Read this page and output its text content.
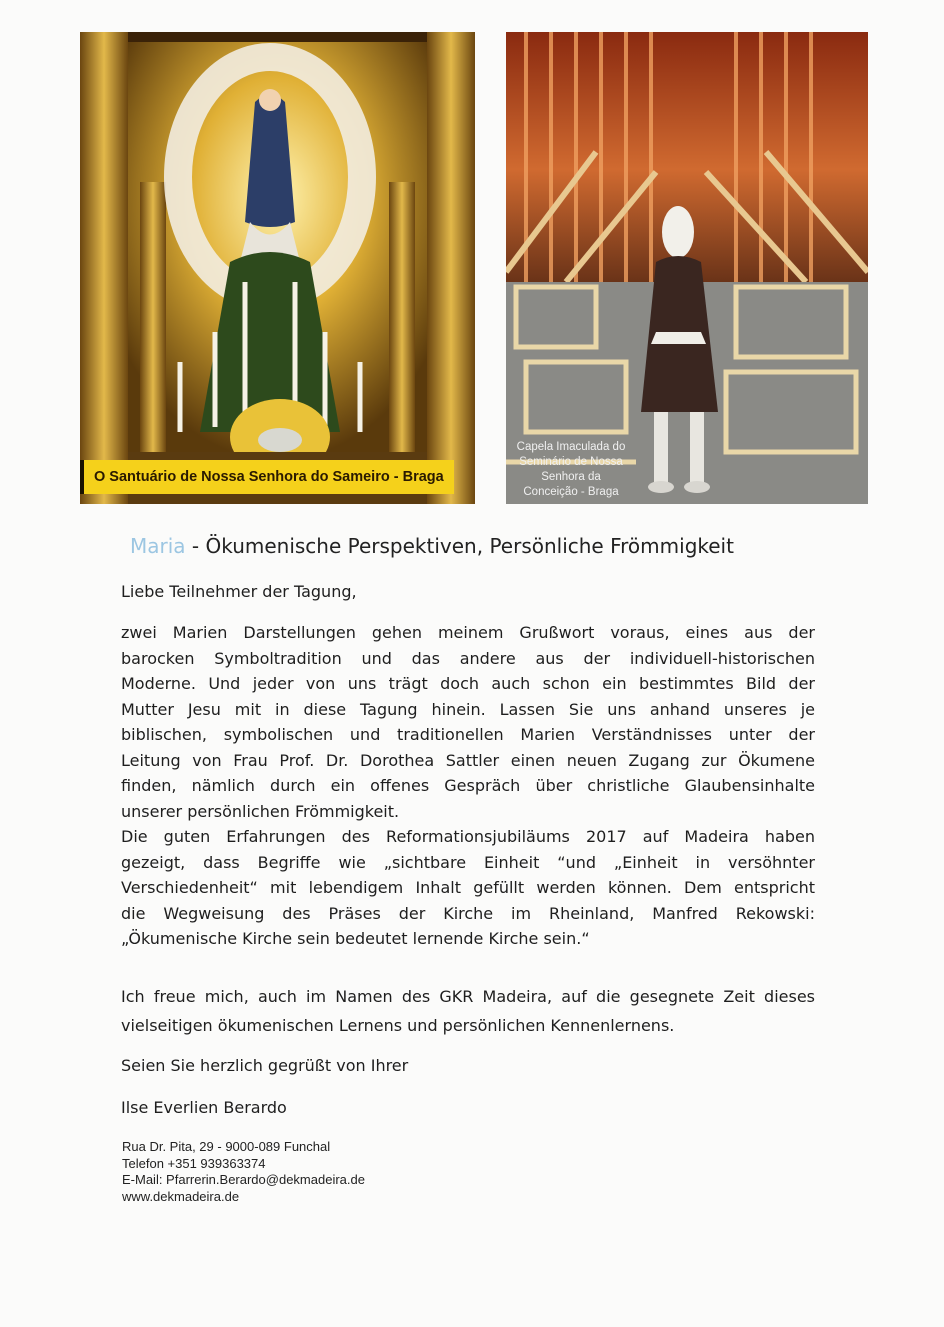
O Santuário de Nossa Senhora do Sameiro - Braga
Capela Imaculada do
Seminário de Nossa
Senhora da
Conceição - Braga
Maria - Ökumenische Perspektiven, Persönliche Frömmigkeit
Liebe Teilnehmer der Tagung,
zwei Marien Darstellungen gehen meinem Grußwort voraus, eines aus der
barocken Symboltradition und das andere aus der individuell-historischen
Moderne. Und jeder von uns trägt doch auch schon ein bestimmtes Bild der
Mutter Jesu mit in diese Tagung hinein. Lassen Sie uns anhand unseres je
biblischen, symbolischen und traditionellen Marien Verständnisses unter der
Leitung von Frau Prof. Dr. Dorothea Sattler einen neuen Zugang zur Ökumene
finden, nämlich durch ein offenes Gespräch über christliche Glaubensinhalte
unserer persönlichen Frömmigkeit.
Die guten Erfahrungen des Reformationsjubiläums 2017 auf Madeira haben
gezeigt, dass Begriffe wie „sichtbare Einheit “und „Einheit in versöhnter
Verschiedenheit“ mit lebendigem Inhalt gefüllt werden können. Dem entspricht
die Wegweisung des Präses der Kirche im Rheinland, Manfred Rekowski:
„Ökumenische Kirche sein bedeutet lernende Kirche sein.“
Ich freue mich, auch im Namen des GKR Madeira, auf die gesegnete Zeit dieses
vielseitigen ökumenischen Lernens und persönlichen Kennenlernens.
Seien Sie herzlich gegrüßt von Ihrer
Ilse Everlien Berardo
Rua Dr. Pita, 29 - 9000-089 Funchal
Telefon +351 939363374
E-Mail: Pfarrerin.Berardo@dekmadeira.de
www.dekmadeira.de
